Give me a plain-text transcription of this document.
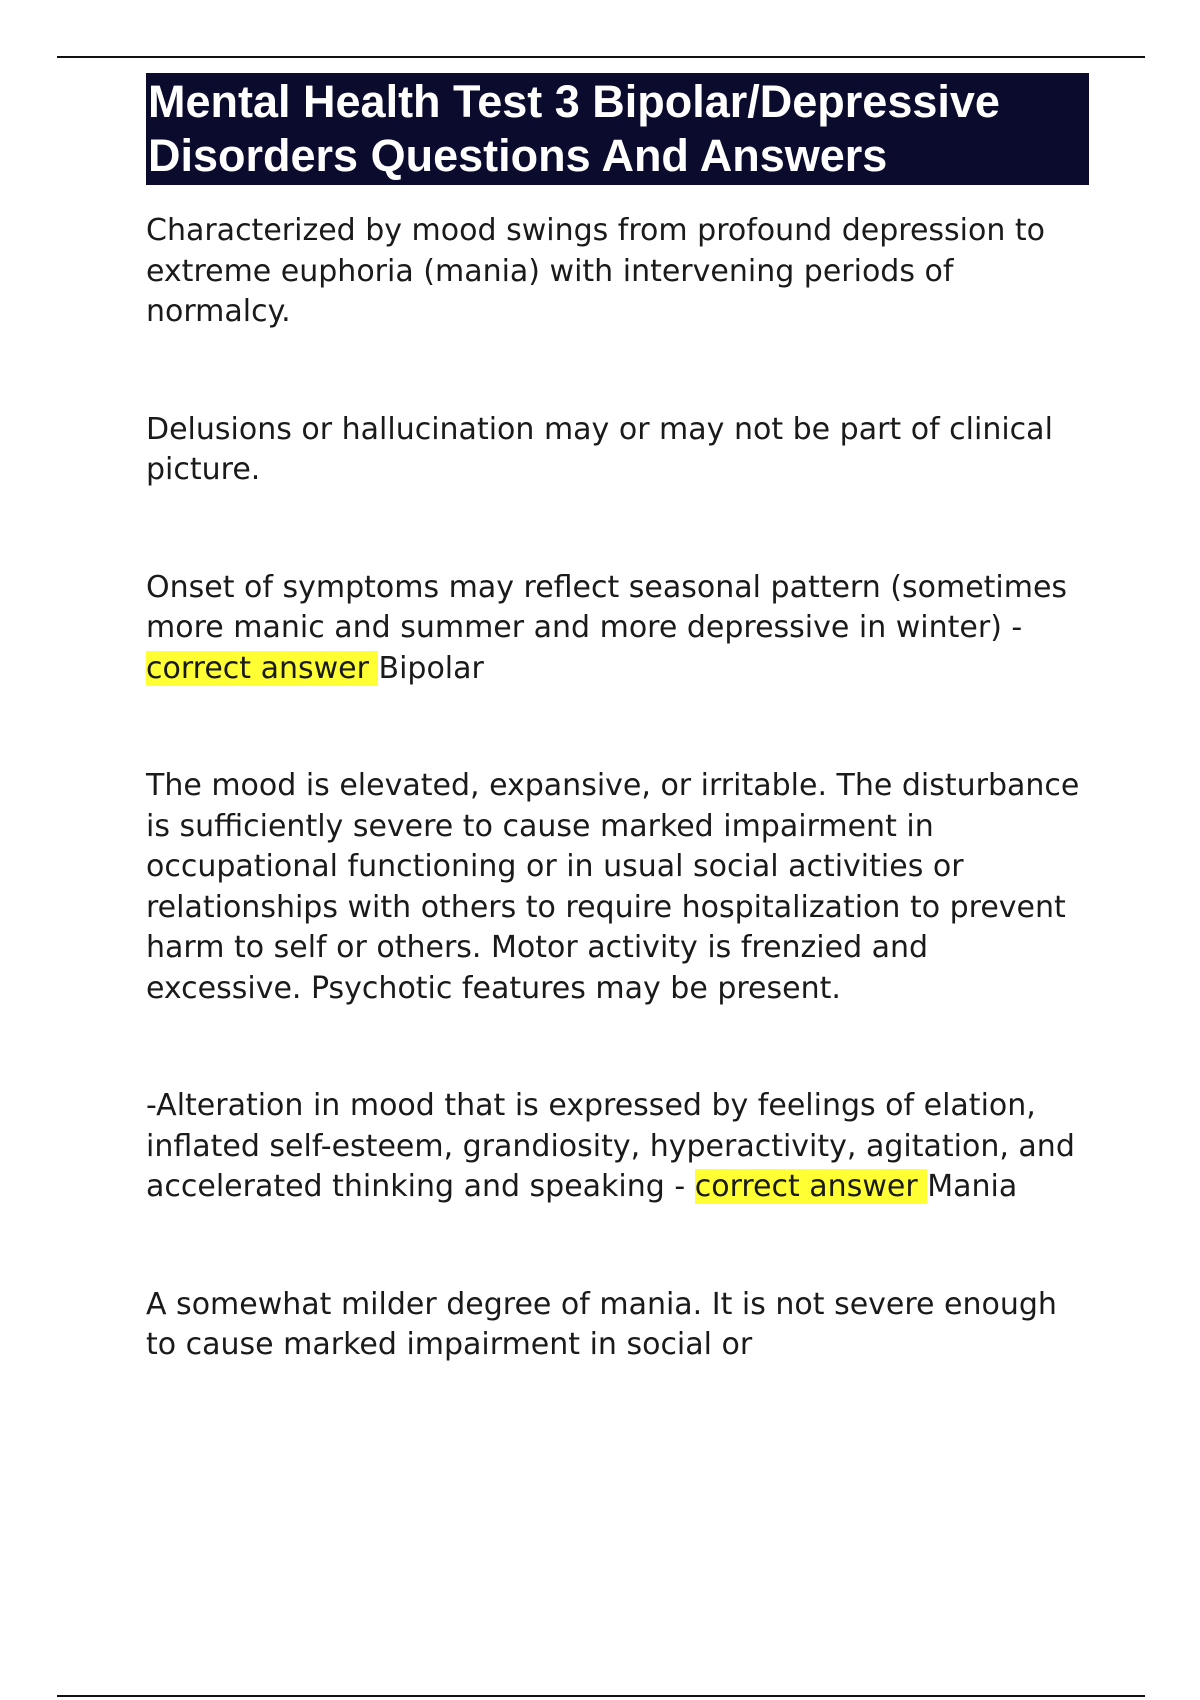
Mental Health Test 3 Bipolar/Depressive Disorders Questions And Answers

Characterized by mood swings from profound depression to extreme euphoria (mania) with intervening periods of normalcy.

Delusions or hallucination may or may not be part of clinical picture.

Onset of symptoms may reflect seasonal pattern (sometimes more manic and summer and more depressive in winter) - correct answer Bipolar

The mood is elevated, expansive, or irritable. The disturbance is sufficiently severe to cause marked impairment in occupational functioning or in usual social activities or relationships with others to require hospitalization to prevent harm to self or others. Motor activity is frenzied and excessive. Psychotic features may be present.

-Alteration in mood that is expressed by feelings of elation, inflated self-esteem, grandiosity, hyperactivity, agitation, and accelerated thinking and speaking - correct answer Mania

A somewhat milder degree of mania. It is not severe enough to cause marked impairment in social or
